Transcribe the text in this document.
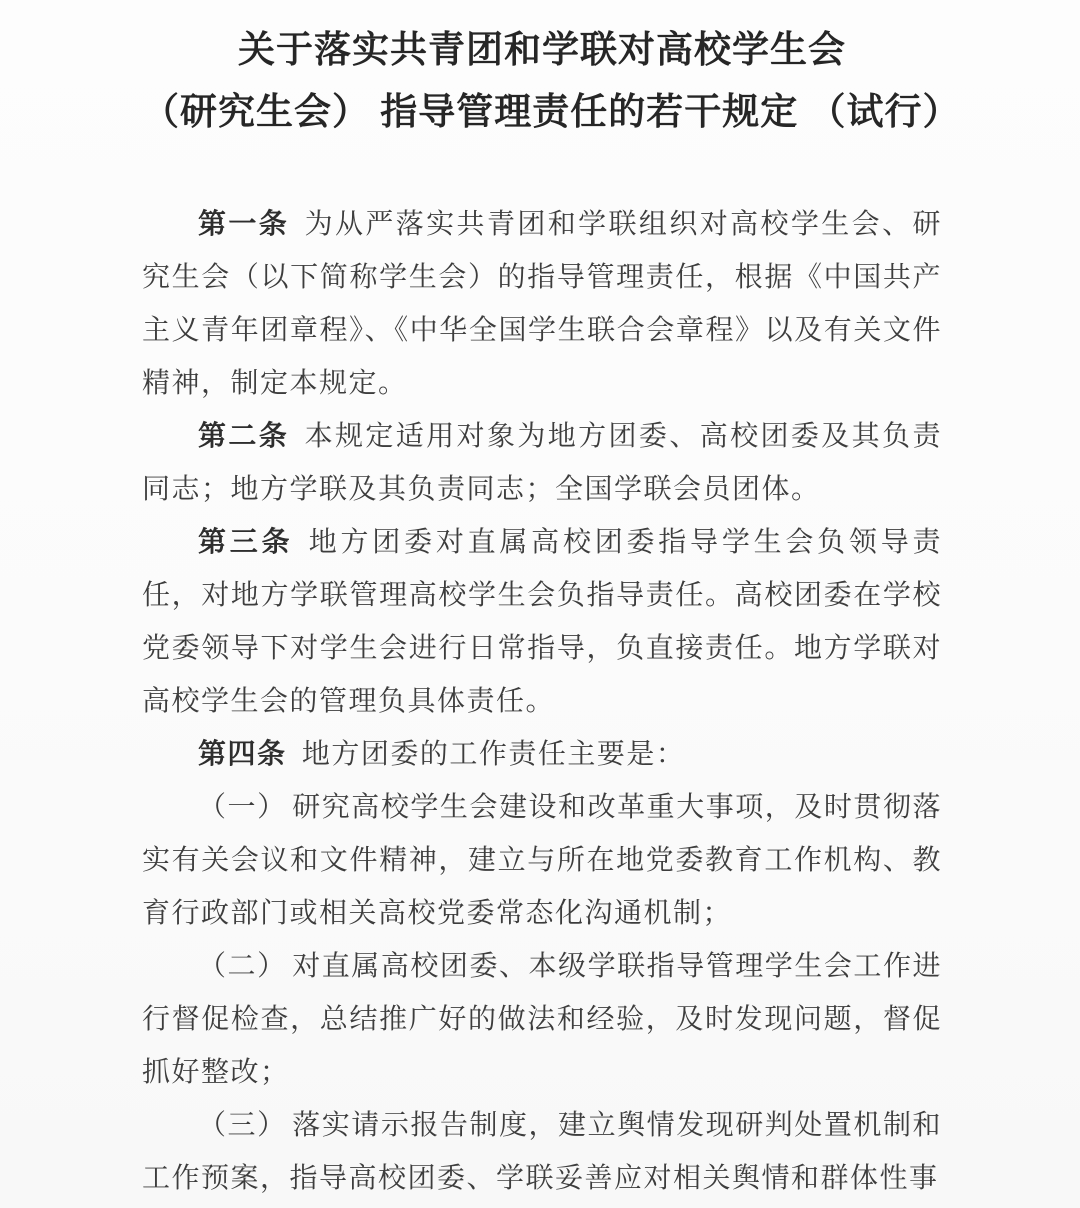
关于落实共青团和学联对高校学生会
（研究生会） 指导管理责任的若干规定 （试行）

第一条 为从严落实共青团和学联组织对高校学生会、研究生会（以下简称学生会）的指导管理责任，根据《中国共产主义青年团章程》、《中华全国学生联合会章程》以及有关文件精神，制定本规定。

第二条 本规定适用对象为地方团委、高校团委及其负责同志；地方学联及其负责同志；全国学联会员团体。

第三条 地方团委对直属高校团委指导学生会负领导责任，对地方学联管理高校学生会负指导责任。高校团委在学校党委领导下对学生会进行日常指导，负直接责任。地方学联对高校学生会的管理负具体责任。

第四条 地方团委的工作责任主要是：

（一） 研究高校学生会建设和改革重大事项，及时贯彻落实有关会议和文件精神，建立与所在地党委教育工作机构、教育行政部门或相关高校党委常态化沟通机制；

（二） 对直属高校团委、本级学联指导管理学生会工作进行督促检查，总结推广好的做法和经验，及时发现问题，督促抓好整改；

（三） 落实请示报告制度，建立舆情发现研判处置机制和工作预案，指导高校团委、学联妥善应对相关舆情和群体性事
